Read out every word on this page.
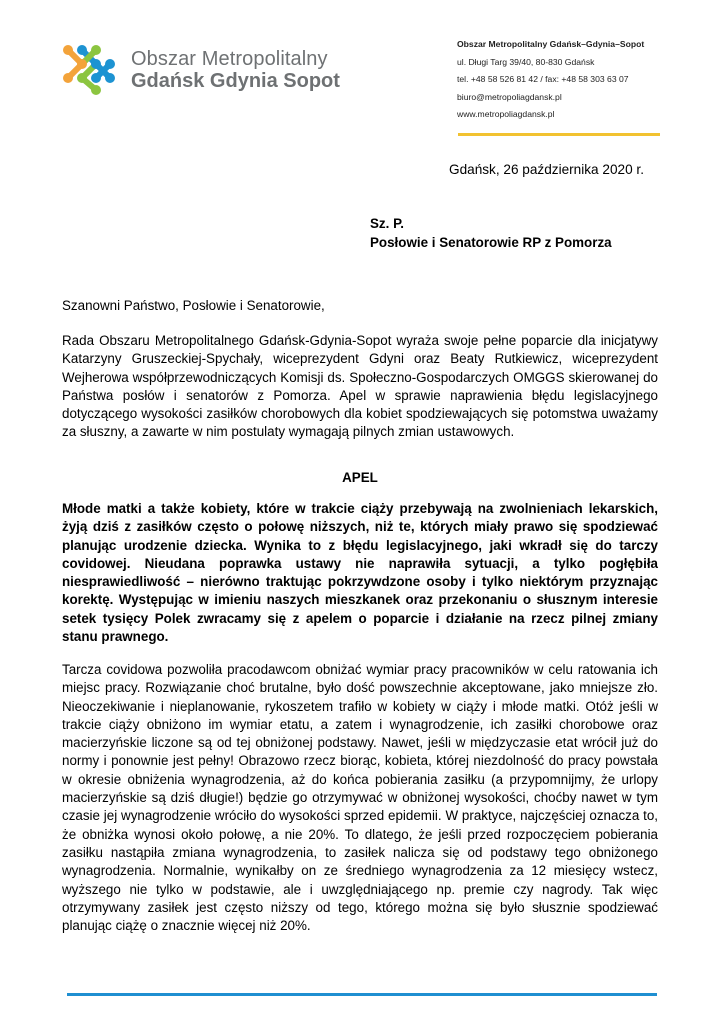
Obszar Metropolitalny
Gdańsk Gdynia Sopot
Obszar Metropolitalny Gdańsk–Gdynia–Sopot
ul. Długi Targ 39/40, 80-830 Gdańsk
tel. +48 58 526 81 42 / fax: +48 58 303 63 07
biuro@metropoliagdansk.pl
www.metropoliagdansk.pl
Gdańsk, 26 października 2020 r.
Sz. P.
Posłowie i Senatorowie RP z Pomorza
Szanowni Państwo, Posłowie i Senatorowie,

Rada Obszaru Metropolitalnego Gdańsk-Gdynia-Sopot wyraża swoje pełne poparcie dla inicjatywy Katarzyny Gruszeckiej-Spychały, wiceprezydent Gdyni oraz Beaty Rutkiewicz, wiceprezydent Wejherowa współprzewodniczących Komisji ds. Społeczno-Gospodarczych OMGGS skierowanej do Państwa posłów i senatorów z Pomorza. Apel w sprawie naprawienia błędu legislacyjnego dotyczącego wysokości zasiłków chorobowych dla kobiet spodziewających się potomstwa uważamy za słuszny, a zawarte w nim postulaty wymagają pilnych zmian ustawowych.

APEL

Młode matki a także kobiety, które w trakcie ciąży przebywają na zwolnieniach lekarskich, żyją dziś z zasiłków często o połowę niższych, niż te, których miały prawo się spodziewać planując urodzenie dziecka. Wynika to z błędu legislacyjnego, jaki wkradł się do tarczy covidowej. Nieudana poprawka ustawy nie naprawiła sytuacji, a tylko pogłębiła niesprawiedliwość – nierówno traktując pokrzywdzone osoby i tylko niektórym przyznając korektę. Występując w imieniu naszych mieszkanek oraz przekonaniu o słusznym interesie setek tysięcy Polek zwracamy się z apelem o poparcie i działanie na rzecz pilnej zmiany stanu prawnego.

Tarcza covidowa pozwoliła pracodawcom obniżać wymiar pracy pracowników w celu ratowania ich miejsc pracy. Rozwiązanie choć brutalne, było dość powszechnie akceptowane, jako mniejsze zło. Nieoczekiwanie i nieplanowanie, rykoszetem trafiło w kobiety w ciąży i młode matki. Otóż jeśli w trakcie ciąży obniżono im wymiar etatu, a zatem i wynagrodzenie, ich zasiłki chorobowe oraz macierzyńskie liczone są od tej obniżonej podstawy. Nawet, jeśli w międzyczasie etat wrócił już do normy i ponownie jest pełny! Obrazowo rzecz biorąc, kobieta, której niezdolność do pracy powstała w okresie obniżenia wynagrodzenia, aż do końca pobierania zasiłku (a przypomnijmy, że urlopy macierzyńskie są dziś długie!) będzie go otrzymywać w obniżonej wysokości, choćby nawet w tym czasie jej wynagrodzenie wróciło do wysokości sprzed epidemii. W praktyce, najczęściej oznacza to, że obniżka wynosi około połowę, a nie 20%. To dlatego, że jeśli przed rozpoczęciem pobierania zasiłku nastąpiła zmiana wynagrodzenia, to zasiłek nalicza się od podstawy tego obniżonego wynagrodzenia. Normalnie, wynikałby on ze średniego wynagrodzenia za 12 miesięcy wstecz, wyższego nie tylko w podstawie, ale i uwzględniającego np. premie czy nagrody. Tak więc otrzymywany zasiłek jest często niższy od tego, którego można się było słusznie spodziewać planując ciążę o znacznie więcej niż 20%.
